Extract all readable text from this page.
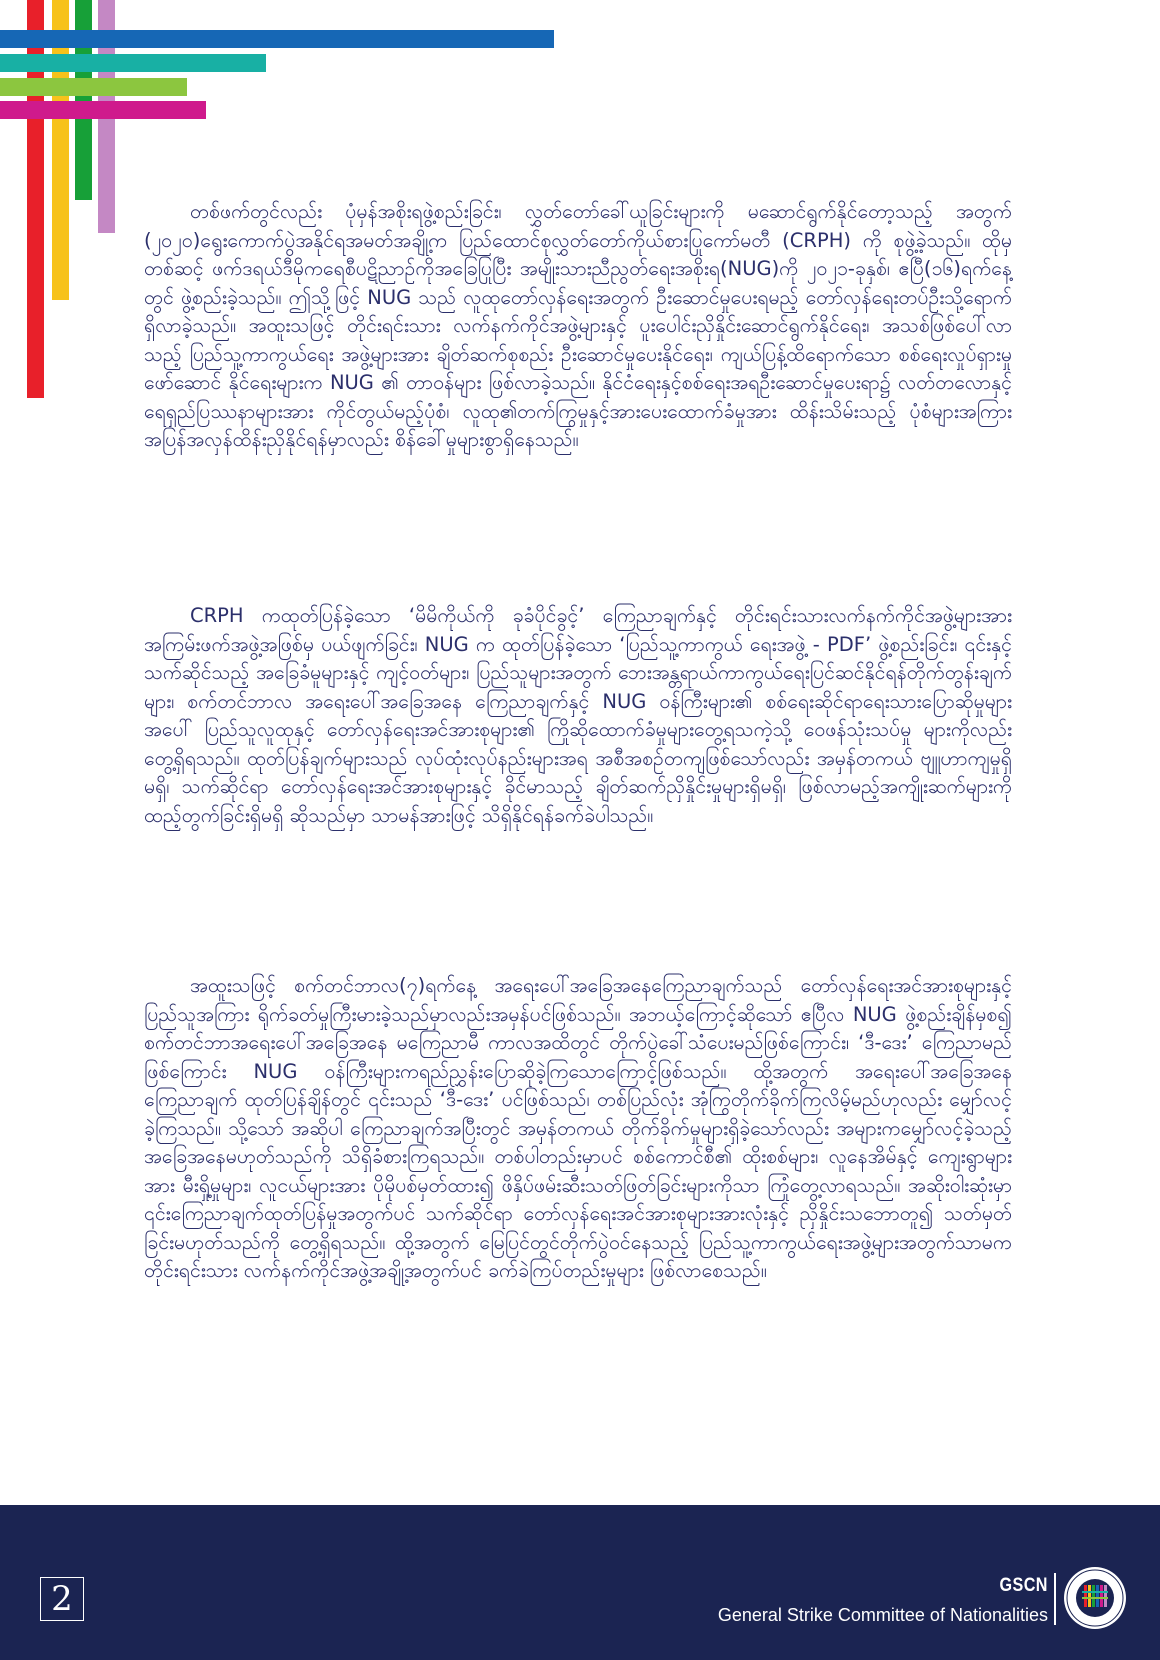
တစ်ဖက်တွင်လည်း ပုံမှန်အစိုးရဖွဲ့စည်းခြင်း၊ လွှတ်တော်ခေါ်ယူခြင်းများကို မဆောင်ရွက်နိုင်တော့သည့် အတွက် (၂၀၂၀)ရွေးကောက်ပွဲအနိုင်ရအမတ်အချို့က ပြည်ထောင်စုလွှတ်တော်ကိုယ်စားပြုကော်မတီ (CRPH) ကို စုဖွဲ့ခဲ့သည်။ ထိုမှတစ်ဆင့် ဖက်ဒရယ်ဒီမိုကရေစီပဋိညာဉ်ကိုအခြေပြုပြီး အမျိုးသားညီညွတ်ရေးအစိုးရ(NUG)ကို ၂၀၂၁-ခုနှစ်၊ ဧပြီ(၁၆)ရက်နေ့တွင် ဖွဲ့စည်းခဲ့သည်။ ဤသို့ဖြင့် NUG သည် လူထုတော်လှန်ရေးအတွက် ဦးဆောင်မှုပေးရမည့် တော်လှန်ရေးတပ်ဦးသို့ရောက်ရှိလာခဲ့သည်။ အထူးသဖြင့် တိုင်းရင်းသား လက်နက်ကိုင်အဖွဲ့များနှင့် ပူးပေါင်းညှိနှိုင်းဆောင်ရွက်နိုင်ရေး၊ အသစ်ဖြစ်ပေါ်လာသည့် ပြည်သူ့ကာကွယ်ရေး အဖွဲ့များအား ချိတ်ဆက်စုစည်း ဦးဆောင်မှုပေးနိုင်ရေး၊ ကျယ်ပြန့်ထိရောက်သော စစ်ရေးလှုပ်ရှားမှုဖော်ဆောင် နိုင်ရေးများက NUG ၏ တာဝန်များ ဖြစ်လာခဲ့သည်။ နိုင်ငံရေးနှင့်စစ်ရေးအရဦးဆောင်မှုပေးရာ၌ လတ်တလောနှင့် ရေရှည်ပြဿနာများအား ကိုင်တွယ်မည့်ပုံစံ၊ လူထု၏တက်ကြွမှုနှင့်အားပေးထောက်ခံမှုအား ထိန်းသိမ်းသည့် ပုံစံများအကြား အပြန်အလှန်ထိန်းညှိနိုင်ရန်မှာလည်း စိန်ခေါ်မှုများစွာရှိနေသည်။

CRPH ကထုတ်ပြန်ခဲ့သော ‘မိမိကိုယ်ကို ခုခံပိုင်ခွင့်’ ကြေညာချက်နှင့် တိုင်းရင်းသားလက်နက်ကိုင်အဖွဲ့များအား အကြမ်းဖက်အဖွဲ့အဖြစ်မှ ပယ်ဖျက်ခြင်း၊ NUG က ထုတ်ပြန်ခဲ့သော ‘ပြည်သူ့ကာကွယ် ရေးအဖွဲ့ - PDF’ ဖွဲ့စည်းခြင်း၊ ၎င်းနှင့်သက်ဆိုင်သည့် အခြေခံမူများနှင့် ကျင့်ဝတ်များ၊ ပြည်သူများအတွက် ဘေးအန္တရာယ်ကာကွယ်ရေးပြင်ဆင်နိုင်ရန်တိုက်တွန်းချက်များ၊ စက်တင်ဘာလ အရေးပေါ်အခြေအနေ ကြေညာချက်နှင့် NUG ဝန်ကြီးများ၏ စစ်ရေးဆိုင်ရာရေးသားပြောဆိုမှုများအပေါ် ပြည်သူလူထုနှင့် တော်လှန်ရေးအင်အားစုများ၏ ကြိုဆိုထောက်ခံမှုများတွေ့ရသကဲ့သို့ ဝေဖန်သုံးသပ်မှု များကိုလည်း တွေ့ရှိရသည်။ ထုတ်ပြန်ချက်များသည် လုပ်ထုံးလုပ်နည်းများအရ အစီအစဉ်တကျဖြစ်သော်လည်း အမှန်တကယ် ဗျူဟာကျမှုရှိမရှိ၊ သက်ဆိုင်ရာ တော်လှန်ရေးအင်အားစုများနှင့် ခိုင်မာသည့် ချိတ်ဆက်ညှိနှိုင်းမှုများရှိမရှိ၊ ဖြစ်လာမည့်အကျိုးဆက်များကို ထည့်တွက်ခြင်းရှိမရှိ ဆိုသည်မှာ သာမန်အားဖြင့် သိရှိနိုင်ရန်ခက်ခဲပါသည်။

အထူးသဖြင့် စက်တင်ဘာလ(၇)ရက်နေ့ အရေးပေါ်အခြေအနေကြေညာချက်သည် တော်လှန်ရေးအင်အားစုများနှင့် ပြည်သူအကြား ရိုက်ခတ်မှုကြီးမားခဲ့သည်မှာလည်းအမှန်ပင်ဖြစ်သည်။ အဘယ့်ကြောင့်ဆိုသော် ဧပြီလ NUG ဖွဲ့စည်းချိန်မှစ၍ စက်တင်ဘာအရေးပေါ်အခြေအနေ မကြေညာမီ ကာလအထိတွင် တိုက်ပွဲခေါ်သံပေးမည်ဖြစ်ကြောင်း၊ ‘ဒီ-ဒေး’ ကြေညာမည်ဖြစ်ကြောင်း NUG ဝန်ကြီးများကရည်ညွှန်းပြောဆိုခဲ့ကြသောကြောင့်ဖြစ်သည်။ ထို့အတွက် အရေးပေါ်အခြေအနေကြေညာချက် ထုတ်ပြန်ချိန်တွင် ၎င်းသည် ‘ဒီ-ဒေး’ ပင်ဖြစ်သည်၊ တစ်ပြည်လုံး အုံကြွတိုက်ခိုက်ကြလိမ့်မည်ဟုလည်း မျှော်လင့်ခဲ့ကြသည်။ သို့သော် အဆိုပါ ကြေညာချက်အပြီးတွင် အမှန်တကယ် တိုက်ခိုက်မှုများရှိခဲ့သော်လည်း အများကမျှော်လင့်ခဲ့သည့် အခြေအနေမဟုတ်သည်ကို သိရှိခံစားကြရသည်။ တစ်ပါတည်းမှာပင် စစ်ကောင်စီ၏ ထိုးစစ်များ၊ လူနေအိမ်နှင့် ကျေးရွာများအား မီးရှို့မှုများ၊ လူငယ်များအား ပိုမိုပစ်မှတ်ထား၍ ဖိနှိပ်ဖမ်းဆီးသတ်ဖြတ်ခြင်းများကိုသာ ကြုံတွေ့လာရသည်။ အဆိုးဝါးဆုံးမှာ ၎င်းကြေညာချက်ထုတ်ပြန်မှုအတွက်ပင် သက်ဆိုင်ရာ တော်လှန်ရေးအင်အားစုများအားလုံးနှင့် ညှိနှိုင်းသဘောတူ၍ သတ်မှတ်ခြင်းမဟုတ်သည်ကို တွေ့ရှိရသည်။ ထို့အတွက် မြေပြင်တွင်တိုက်ပွဲဝင်နေသည့် ပြည်သူ့ကာကွယ်ရေးအဖွဲ့များအတွက်သာမက တိုင်းရင်းသား လက်နက်ကိုင်အဖွဲ့အချို့အတွက်ပင် ခက်ခဲကြပ်တည်းမှုများ ဖြစ်လာစေသည်။

2	GSCN
General Strike Committee of Nationalities
